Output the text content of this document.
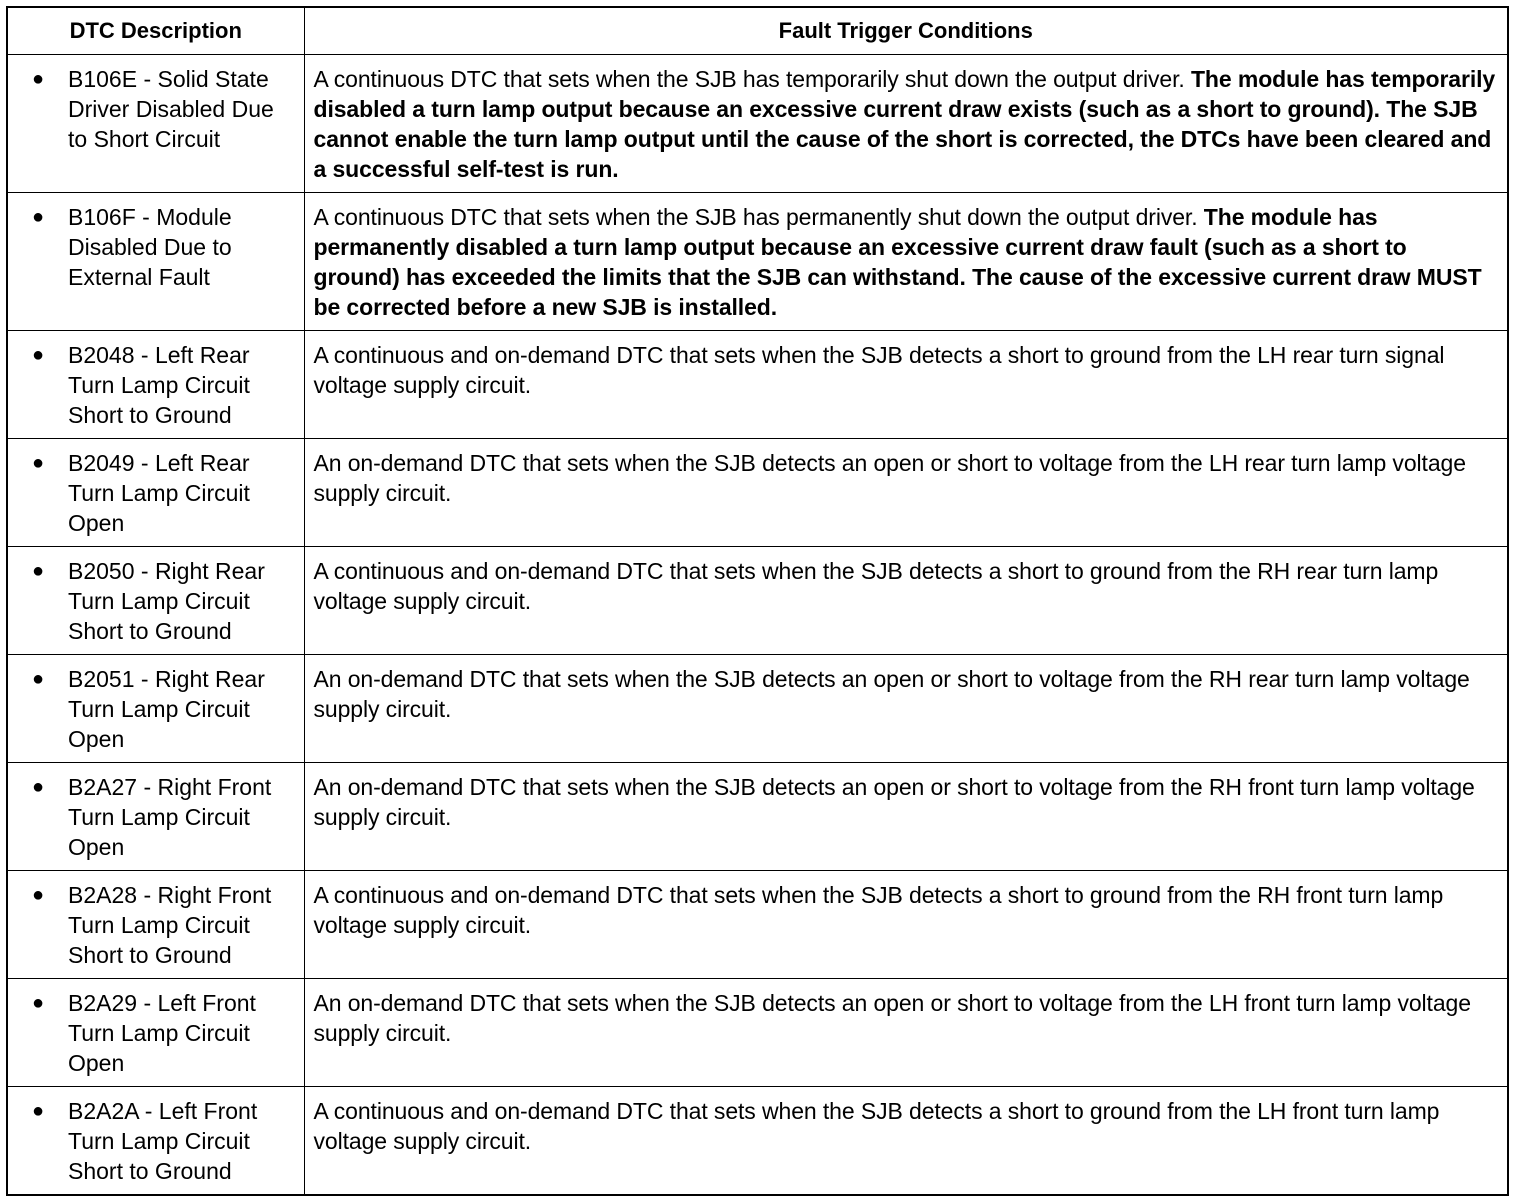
DTC Description	Fault Trigger Conditions

● B106E - Solid State Driver Disabled Due to Short Circuit	A continuous DTC that sets when the SJB has temporarily shut down the output driver. The module has temporarily disabled a turn lamp output because an excessive current draw exists (such as a short to ground). The SJB cannot enable the turn lamp output until the cause of the short is corrected, the DTCs have been cleared and a successful self-test is run.

● B106F - Module Disabled Due to External Fault	A continuous DTC that sets when the SJB has permanently shut down the output driver. The module has permanently disabled a turn lamp output because an excessive current draw fault (such as a short to ground) has exceeded the limits that the SJB can withstand. The cause of the excessive current draw MUST be corrected before a new SJB is installed.

● B2048 - Left Rear Turn Lamp Circuit Short to Ground	A continuous and on-demand DTC that sets when the SJB detects a short to ground from the LH rear turn signal voltage supply circuit.

● B2049 - Left Rear Turn Lamp Circuit Open	An on-demand DTC that sets when the SJB detects an open or short to voltage from the LH rear turn lamp voltage supply circuit.

● B2050 - Right Rear Turn Lamp Circuit Short to Ground	A continuous and on-demand DTC that sets when the SJB detects a short to ground from the RH rear turn lamp voltage supply circuit.

● B2051 - Right Rear Turn Lamp Circuit Open	An on-demand DTC that sets when the SJB detects an open or short to voltage from the RH rear turn lamp voltage supply circuit.

● B2A27 - Right Front Turn Lamp Circuit Open	An on-demand DTC that sets when the SJB detects an open or short to voltage from the RH front turn lamp voltage supply circuit.

● B2A28 - Right Front Turn Lamp Circuit Short to Ground	A continuous and on-demand DTC that sets when the SJB detects a short to ground from the RH front turn lamp voltage supply circuit.

● B2A29 - Left Front Turn Lamp Circuit Open	An on-demand DTC that sets when the SJB detects an open or short to voltage from the LH front turn lamp voltage supply circuit.

● B2A2A - Left Front Turn Lamp Circuit Short to Ground	A continuous and on-demand DTC that sets when the SJB detects a short to ground from the LH front turn lamp voltage supply circuit.
